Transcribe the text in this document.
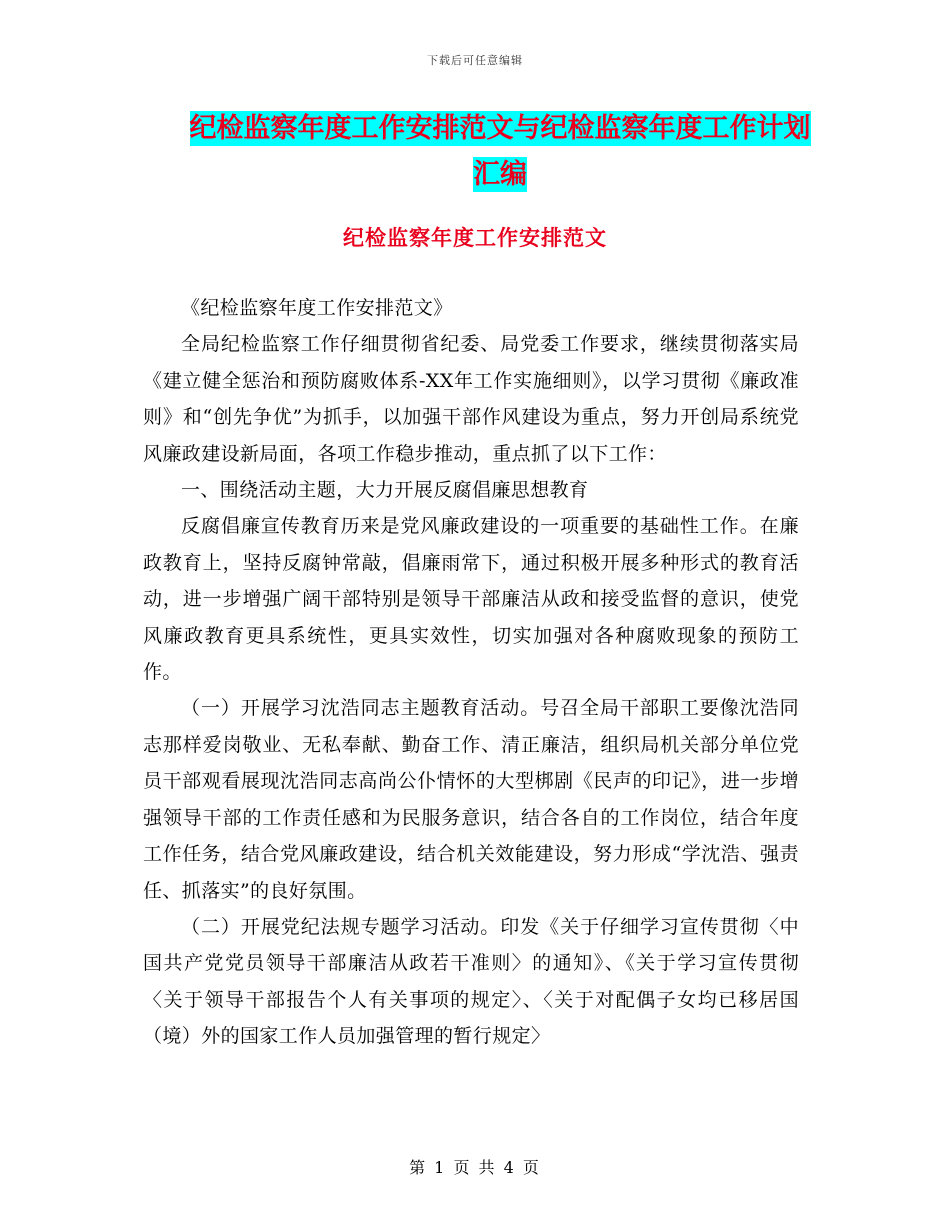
下载后可任意编辑
纪检监察年度工作安排范文与纪检监察年度工作计划
汇编
纪检监察年度工作安排范文

《纪检监察年度工作安排范文》

全局纪检监察工作仔细贯彻省纪委、局党委工作要求，继续贯彻落实局《建立健全惩治和预防腐败体系-XX年工作实施细则》，以学习贯彻《廉政准则》和“创先争优”为抓手，以加强干部作风建设为重点，努力开创局系统党风廉政建设新局面，各项工作稳步推动，重点抓了以下工作：

一、围绕活动主题，大力开展反腐倡廉思想教育

反腐倡廉宣传教育历来是党风廉政建设的一项重要的基础性工作。在廉政教育上，坚持反腐钟常敲，倡廉雨常下，通过积极开展多种形式的教育活动，进一步增强广阔干部特别是领导干部廉洁从政和接受监督的意识，使党风廉政教育更具系统性，更具实效性，切实加强对各种腐败现象的预防工作。

（一）开展学习沈浩同志主题教育活动。号召全局干部职工要像沈浩同志那样爱岗敬业、无私奉献、勤奋工作、清正廉洁，组织局机关部分单位党员干部观看展现沈浩同志高尚公仆情怀的大型梆剧《民声的印记》，进一步增强领导干部的工作责任感和为民服务意识，结合各自的工作岗位，结合年度工作任务，结合党风廉政建设，结合机关效能建设，努力形成“学沈浩、强责任、抓落实”的良好氛围。

（二）开展党纪法规专题学习活动。印发《关于仔细学习宣传贯彻〈中国共产党党员领导干部廉洁从政若干准则〉的通知》、《关于学习宣传贯彻〈关于领导干部报告个人有关事项的规定〉、〈关于对配偶子女均已移居国（境）外的国家工作人员加强管理的暂行规定〉

第 1 页 共 4 页
